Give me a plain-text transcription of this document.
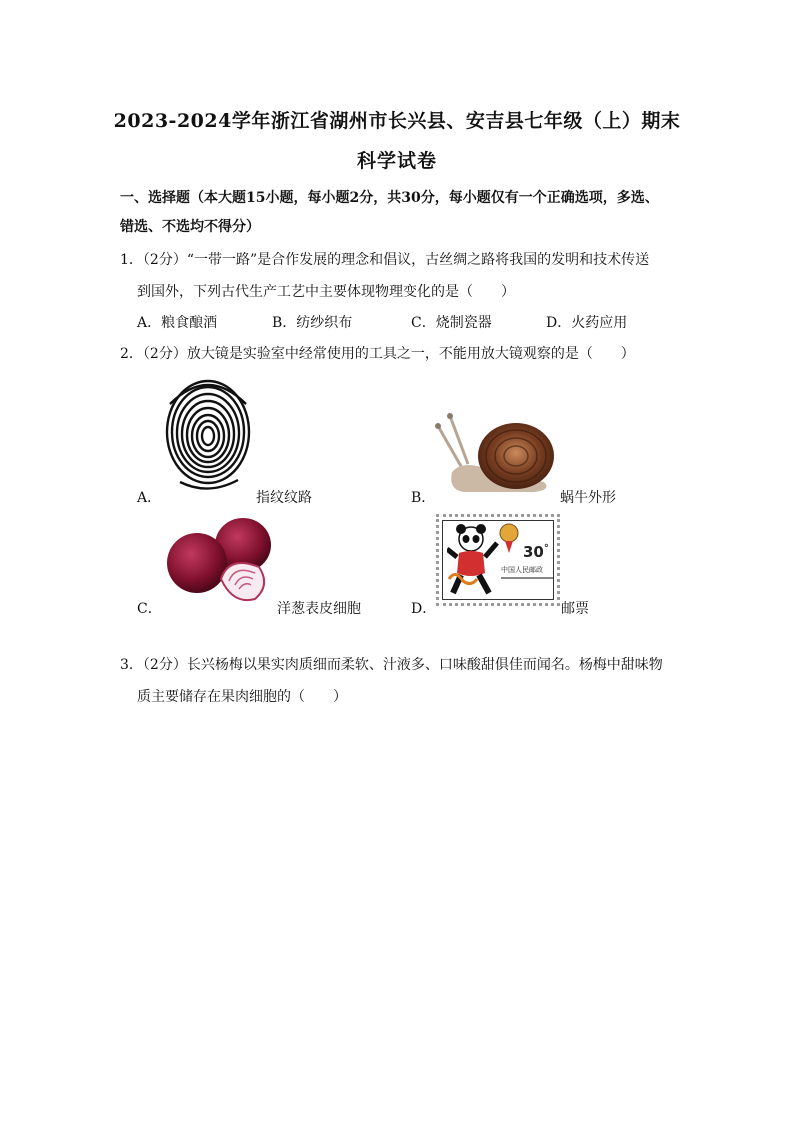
2023-2024学年浙江省湖州市长兴县、安吉县七年级（上）期末
科学试卷
一、选择题（本大题15小题，每小题2分，共30分，每小题仅有一个正确选项，多选、
错选、不选均不得分）
1．（2分）“一带一路”是合作发展的理念和倡议，古丝绸之路将我国的发明和技术传送
到国外，下列古代生产工艺中主要体现物理变化的是（　　）
A．粮食酿酒	B．纺纱织布	C．烧制瓷器	D．火药应用
2．（2分）放大镜是实验室中经常使用的工具之一，不能用放大镜观察的是（　　）
A．	指纹纹路	B．	蜗牛外形
C．	洋葱表皮细胞
30°
中国人民邮政
D．	邮票
3．（2分）长兴杨梅以果实肉质细而柔软、汁液多、口味酸甜俱佳而闻名。杨梅中甜味物
质主要储存在果肉细胞的（　　）
